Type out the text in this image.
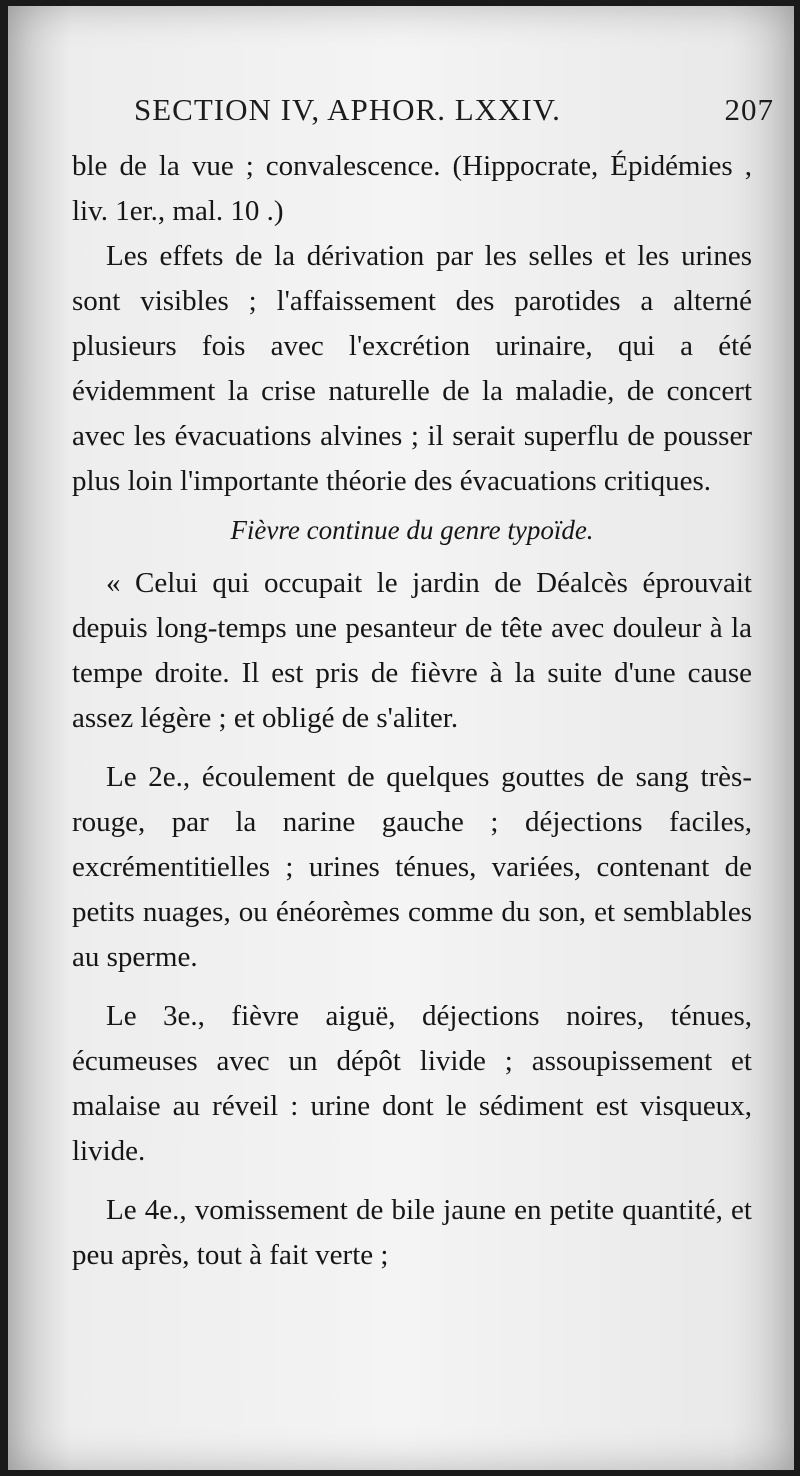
SECTION IV, APHOR. LXXIV.	207

ble de la vue ; convalescence. (Hippocrate, Épidémies , liv. 1er., mal. 10 .)

Les effets de la dérivation par les selles et les urines sont visibles ; l'affaissement des parotides a alterné plusieurs fois avec l'excrétion urinaire, qui a été évidemment la crise naturelle de la maladie, de concert avec les évacuations alvines ; il serait superflu de pousser plus loin l'importante théorie des évacuations critiques.

Fièvre continue du genre typoïde.

« Celui qui occupait le jardin de Déalcès éprouvait depuis long-temps une pesanteur de tête avec douleur à la tempe droite. Il est pris de fièvre à la suite d'une cause assez légère ; et obligé de s'aliter.

Le 2e., écoulement de quelques gouttes de sang très-rouge, par la narine gauche ; déjections faciles, excrémentitielles ; urines ténues, variées, contenant de petits nuages, ou énéorèmes comme du son, et semblables au sperme.

Le 3e., fièvre aiguë, déjections noires, ténues, écumeuses avec un dépôt livide ; assoupissement et malaise au réveil : urine dont le sédiment est visqueux, livide.

Le 4e., vomissement de bile jaune en petite quantité, et peu après, tout à fait verte ;
